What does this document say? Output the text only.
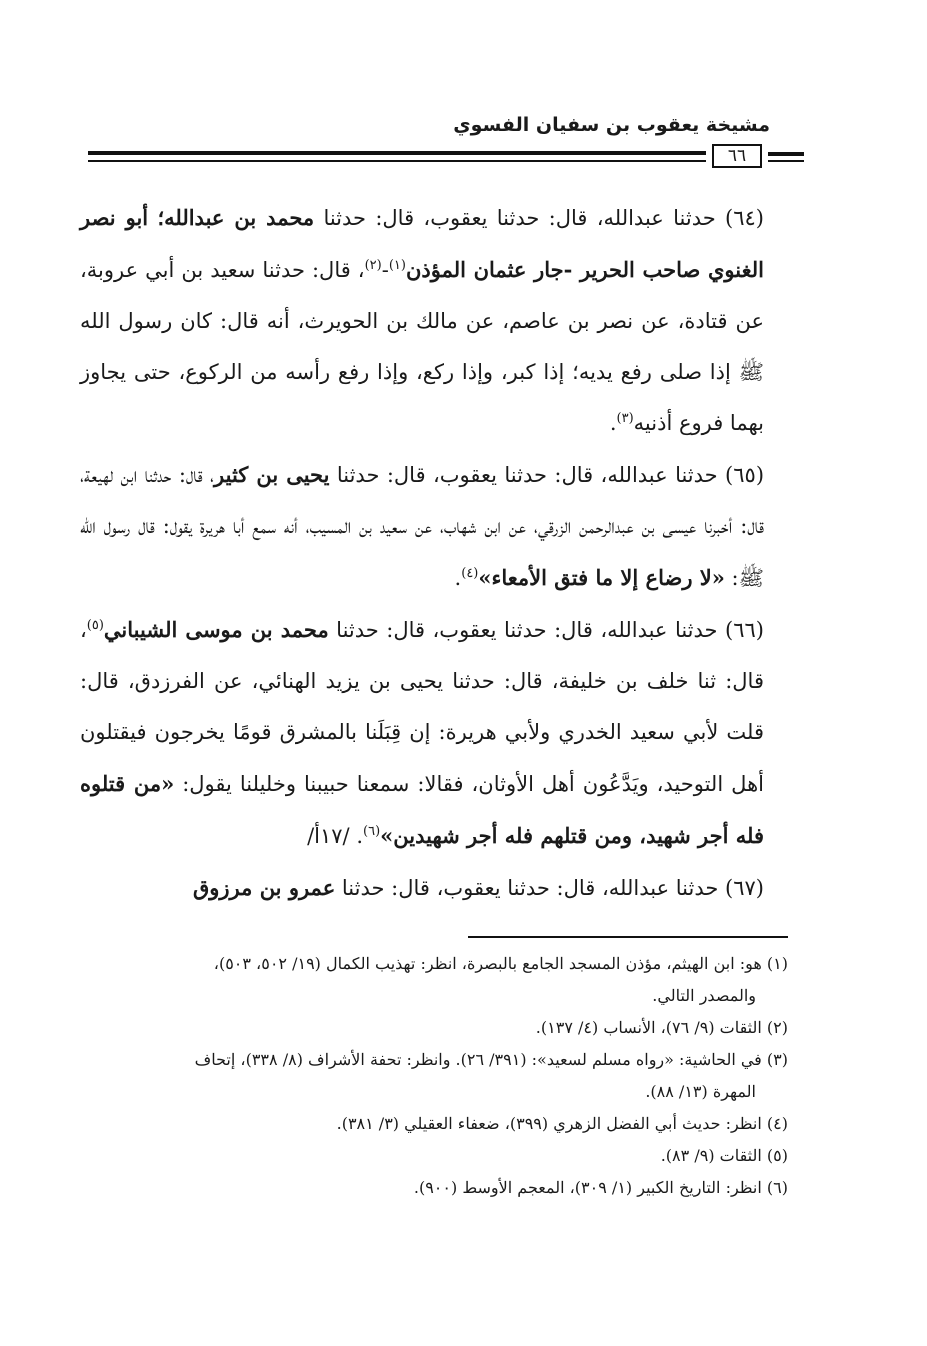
مشيخة يعقوب بن سفيان الفسوي
٦٦

(٦٤) حدثنا عبدالله، قال: حدثنا يعقوب، قال: حدثنا محمد بن عبدالله؛ أبو نصر الغنوي صاحب الحرير -جار عثمان المؤذن$^{(١)}$-$^{(٢)}$، قال: حدثنا سعيد بن أبي عروبة، عن قتادة، عن نصر بن عاصم، عن مالك بن الحويرث، أنه قال: كان رسول الله ﷺ إذا صلى رفع يديه؛ إذا كبر، وإذا ركع، وإذا رفع رأسه من الركوع، حتى يجاوز بهما فروع أذنيه$^{(٣)}$.

(٦٥) حدثنا عبدالله، قال: حدثنا يعقوب، قال: حدثنا يحيى بن كثير، قال: حدثنا ابن لهيعة، قال: أخبرنا عيسى بن عبدالرحمن الزرقي، عن ابن شهاب، عن سعيد بن المسيب، أنه سمع أبا هريرة يقول: قال رسول الله ﷺ: «لا رضاع إلا ما فتق الأمعاء»$^{(٤)}$.

(٦٦) حدثنا عبدالله، قال: حدثنا يعقوب، قال: حدثنا محمد بن موسى الشيباني$^{(٥)}$، قال: ثنا خلف بن خليفة، قال: حدثنا يحيى بن يزيد الهنائي، عن الفرزدق، قال: قلت لأبي سعيد الخدري ولأبي هريرة: إن قِبَلَنا بالمشرق قومًا يخرجون فيقتلون أهل التوحيد، ويَدَّعُون أهل الأوثان، فقالا: سمعنا حبيبنا وخليلنا يقول: «من قتلوه فله أجر شهيد، ومن قتلهم فله أجر شهيدين»$^{(٦)}$. /١٧أ/

(٦٧) حدثنا عبدالله، قال: حدثنا يعقوب، قال: حدثنا عمرو بن مرزوق

(١) هو: ابن الهيثم، مؤذن المسجد الجامع بالبصرة، انظر: تهذيب الكمال (١٩/ ٥٠٢، ٥٠٣)،

والمصدر التالي.

(٢) الثقات (٩/ ٧٦)، الأنساب (٤/ ١٣٧).

(٣) في الحاشية: «رواه مسلم لسعيد»: (٣٩١/ ٢٦). وانظر: تحفة الأشراف (٨/ ٣٣٨)، إتحاف

المهرة (١٣/ ٨٨).

(٤) انظر: حديث أبي الفضل الزهري (٣٩٩)، ضعفاء العقيلي (٣/ ٣٨١).

(٥) الثقات (٩/ ٨٣).

(٦) انظر: التاريخ الكبير (١/ ٣٠٩)، المعجم الأوسط (٩٠٠).
